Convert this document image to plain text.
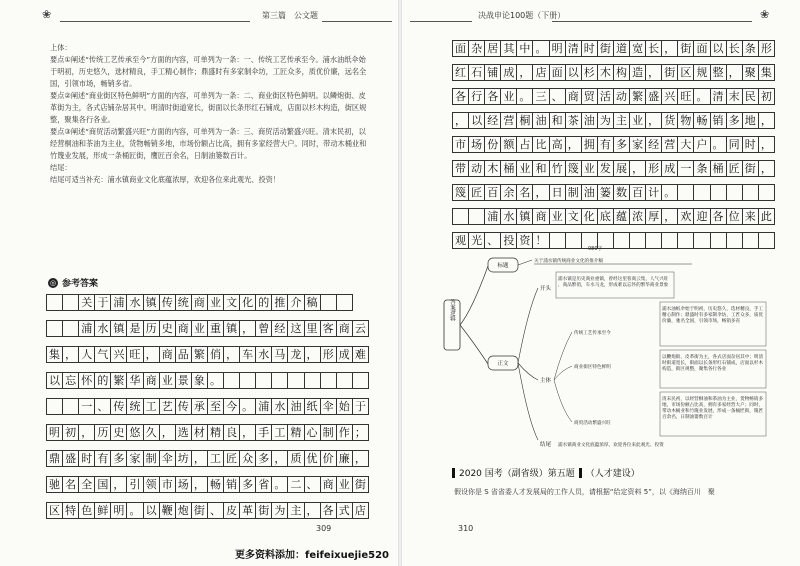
❀	第三篇　公文题

上体：

要点①阐述“传统工艺传承至今”方面的内容，可单列为一条：一、传统工艺传承至今。浦水油纸伞始于明初，历史悠久，选材精良，手工精心制作；鼎盛时有多家制伞坊，工匠众多，质优价廉，远名全国，引领市场，畅销多省。

要点②阐述“商业街区特色鲜明”方面的内容，可单列为一条：二、商业街区特色鲜明。以鳞炮街、皮革街为主，各式店铺杂居其中。明清时街道宽长，街面以长条形红石铺成，店面以杉木构造，街区规整，聚集各行各业。

要点③阐述“商贸活动繁盛兴旺”方面的内容，可单列为一条：三、商贸活动繁盛兴旺。清末民初，以经营桐油和茶油为主业，货物畅销多地，市场份额占比高，拥有多家经营大户。同时，带动木桶业和竹篾业发展，形成一条桶匠街，鹰匠百余名，日制油篓数百计。

结尾：

结尾可适当补充：浦水镇商业文化底蕴浓厚，欢迎各位来此观光、投资！

◎ 参考答案
关 于 浦 水 镇 传 统 商 业 文 化 的 推 介 稿
浦 水 镇 是 历 史 商 业 重 镇 ， 曾 经 这 里 客 商 云
集 ， 人 气 兴 旺 ， 商 品 繁 俏 ， 车 水 马 龙 ， 形 成 难
以 忘 怀 的 繁 华 商 业 景 象 。
一 、 传 统 工 艺 传 承 至 今 。 浦 水 油 纸 伞 始 于
明 初 ， 历 史 悠 久 ， 选 材 精 良 ， 手 工 精 心 制 作 ；
鼎 盛 时 有 多 家 制 伞 坊 ， 工 匠 众 多 ， 质 优 价 廉 ，
驰 名 全 国 ， 引 领 市 场 ， 畅 销 多 省 。 二 、 商 业 街
区 特 色 鲜 明 。 以 鞭 炮 街 、 皮 革 街 为 主 ， 各 式 店
309
决战申论100题（下册）	❀
面 杂 居 其 中 。 明 清 时 街 道 宽 长 ， 街 面 以 长 条 形
红 石 铺 成 ， 店 面 以 杉 木 构 造 ， 街 区 规 整 ， 聚 集
各 行 各 业 。 三 、 商 贸 活 动 繁 盛 兴 旺 。 清 末 民 初
， 以 经 营 桐 油 和 茶 油 为 主 业 ， 货 物 畅 销 多 地 ，
市 场 份 额 占 比 高 ， 拥 有 多 家 经 营 大 户 。 同 时 ，
带 动 木 桶 业 和 竹 篾 业 发 展 ， 形 成 一 条 桶 匠 街 ，
篾 匠 百 余 名 ， 日 制 油 篓 数 百 计 。
浦 水 镇 商 业 文 化 底 蕴 浓 厚 ， 欢 迎 各 位 来 此
观 光 、 投 资 ！
980字
答案逻辑
标题
关于浦水镇传统商业文化的推介稿
正文
开头
浦水镇是历史商业重镇，曾经这里客商云集，人气兴旺，商品繁俏，车水马龙，形成难以忘怀的繁华商业景象
主体
传统工艺传承至今
商业街区特色鲜明
商贸活动繁盛兴旺
浦水油纸伞始于明初，历史悠久，选材精良，手工精心制作；鼎盛时有多家制伞坊，工匠众多，质优价廉，驰名全国，引领市场，畅销多省
以鞭炮街、皮革街为主，各式店面杂居其中；明清时街道宽长，街面以长条形红石铺成，店面以杉木构造，街区规整，聚集各行各业
清末民初，以经营桐油和茶油为主业，货物畅销多地，市场份额占比高，拥有多家经营大户；同时，带动木桶业和竹篾业发展，形成一条桶匠街，篾匠百余名，日制油篓数百计
结尾 浦水镇商业文化底蕴浓厚，欢迎各位来此观光、投资
2020 国考（副省级）第五题 （人才建设）
假设你是 S 省省委人才发展局的工作人员，请根据“给定资料 5”，以《海纳百川　聚
310
更多资料添加：feifeixuejie520
